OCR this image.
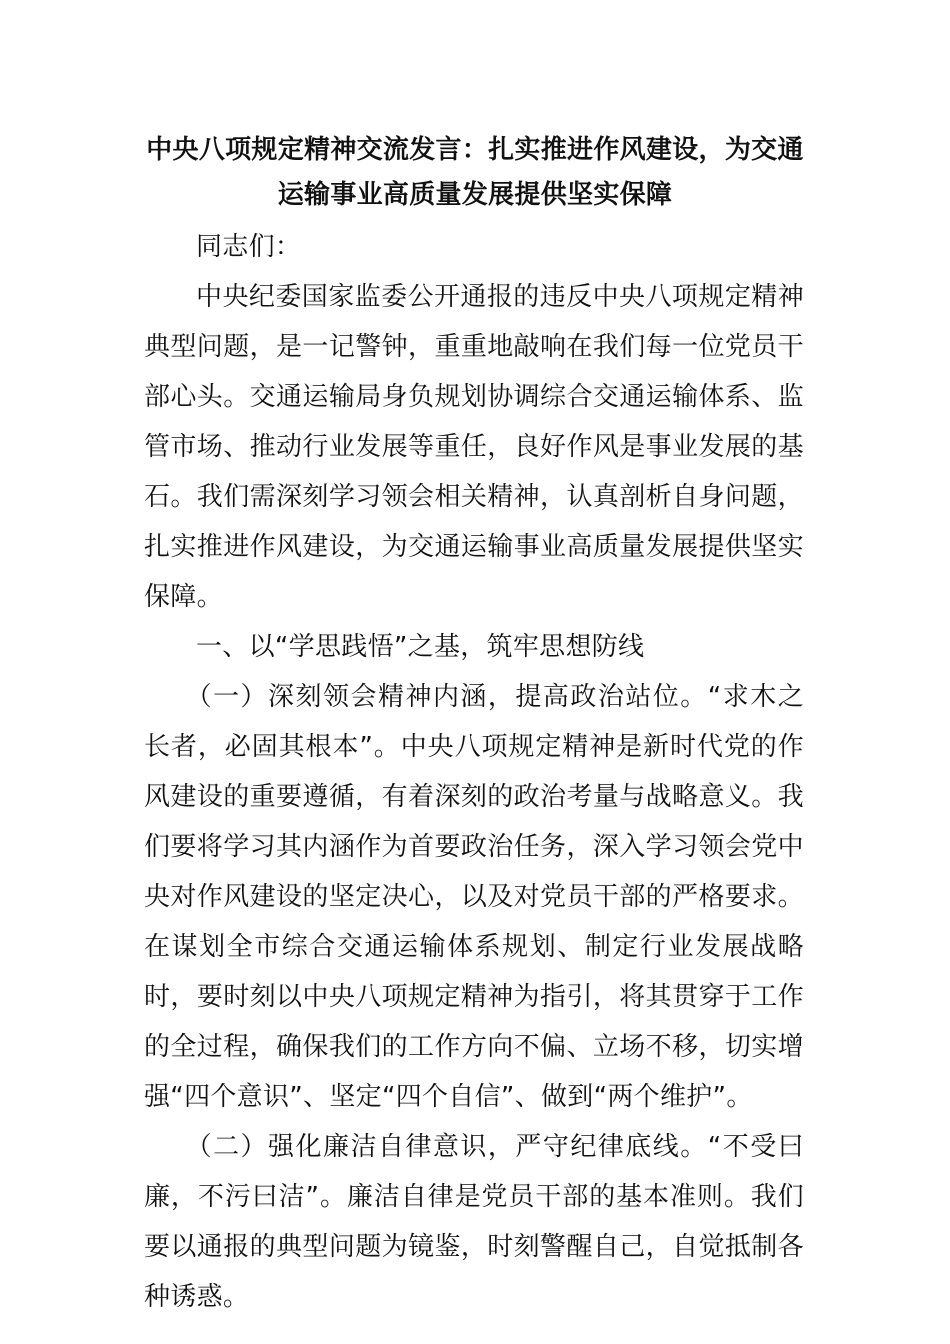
中央八项规定精神交流发言：扎实推进作风建设，为交通
运输事业高质量发展提供坚实保障

同志们：

中央纪委国家监委公开通报的违反中央八项规定精神典型问题，是一记警钟，重重地敲响在我们每一位党员干部心头。交通运输局身负规划协调综合交通运输体系、监管市场、推动行业发展等重任，良好作风是事业发展的基石。我们需深刻学习领会相关精神，认真剖析自身问题，扎实推进作风建设，为交通运输事业高质量发展提供坚实保障。

一、以“学思践悟”之基，筑牢思想防线

（一）深刻领会精神内涵，提高政治站位。“求木之长者，必固其根本”。中央八项规定精神是新时代党的作风建设的重要遵循，有着深刻的政治考量与战略意义。我们要将学习其内涵作为首要政治任务，深入学习领会党中央对作风建设的坚定决心，以及对党员干部的严格要求。在谋划全市综合交通运输体系规划、制定行业发展战略时，要时刻以中央八项规定精神为指引，将其贯穿于工作的全过程，确保我们的工作方向不偏、立场不移，切实增强“四个意识”、坚定“四个自信”、做到“两个维护”。

（二）强化廉洁自律意识，严守纪律底线。“不受曰廉，不污曰洁”。廉洁自律是党员干部的基本准则。我们要以通报的典型问题为镜鉴，时刻警醒自己，自觉抵制各种诱惑。
